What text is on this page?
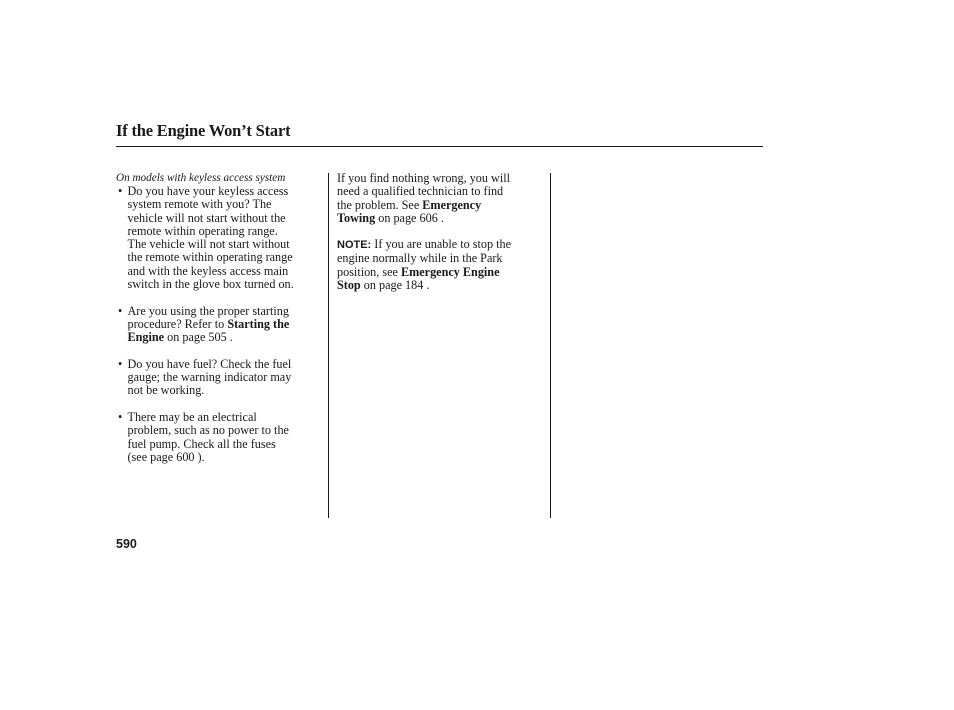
If the Engine Won’t Start
On models with keyless access system
• Do you have your keyless access
system remote with you? The
vehicle will not start without the
remote within operating range.
The vehicle will not start without
the remote within operating range
and with the keyless access main
switch in the glove box turned on.
• Are you using the proper starting
procedure? Refer to Starting the
Engine on page 505 .
• Do you have fuel? Check the fuel
gauge; the warning indicator may
not be working.
• There may be an electrical
problem, such as no power to the
fuel pump. Check all the fuses
(see page 600 ).
If you find nothing wrong, you will
need a qualified technician to find
the problem. See Emergency
Towing on page 606 .
NOTE: If you are unable to stop the
engine normally while in the Park
position, see Emergency Engine
Stop on page 184 .
590
